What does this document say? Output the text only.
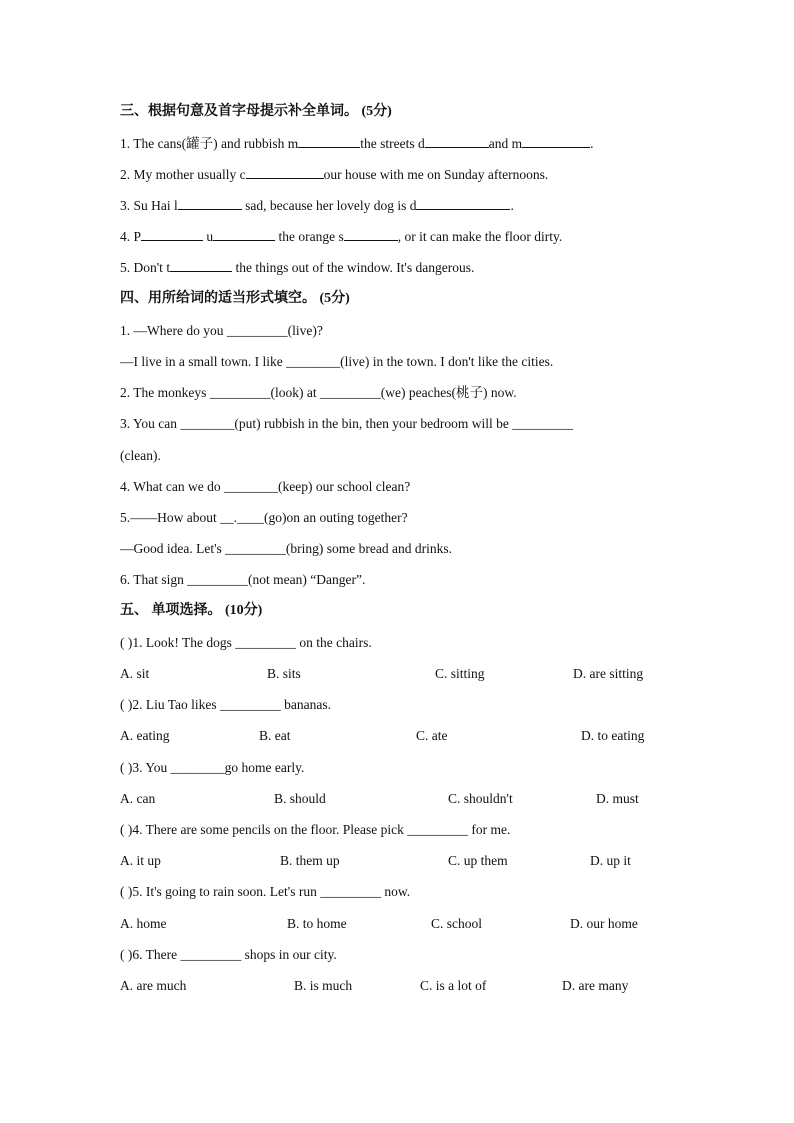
三、根据句意及首字母提示补全单词。 (5分)
1. The cans(罐子) and rubbish m	the streets d	and m	.
2. My mother usually c	our house with me on Sunday afternoons.
3. Su Hai l	sad, because her lovely dog is d	.
4. P	u	the orange s	, or it can make the floor dirty.
5. Don't t	the things out of the window. It's dangerous.
四、用所给词的适当形式填空。 (5分)
1. —Where do you _________(live)?
—I live in a small town. I like ________(live) in the town. I don't like the cities.
2. The monkeys _________(look) at _________(we) peaches(桃子) now.
3. You can ________(put) rubbish in the bin, then your bedroom will be _________
(clean).
4. What can we do ________(keep) our school clean?
5.——How about __.____(go)on an outing together?
—Good idea. Let's _________(bring) some bread and drinks.
6. That sign _________(not mean) “Danger”.
五、 单项选择。 (10分)
( )1. Look! The dogs _________ on the chairs.
A. sit	B. sits	C. sitting	D. are sitting
( )2. Liu Tao likes _________ bananas.
A. eating	B. eat	C. ate	D. to eating
( )3. You ________go home early.
A. can	B. should	C. shouldn't	D. must
( )4. There are some pencils on the floor. Please pick _________ for me.
A. it up	B. them up	C. up them	D. up it
( )5. It's going to rain soon. Let's run _________ now.
A. home	B. to home	C. school	D. our home
( )6. There _________ shops in our city.
A. are much	B. is much	C. is a lot of	D. are many
